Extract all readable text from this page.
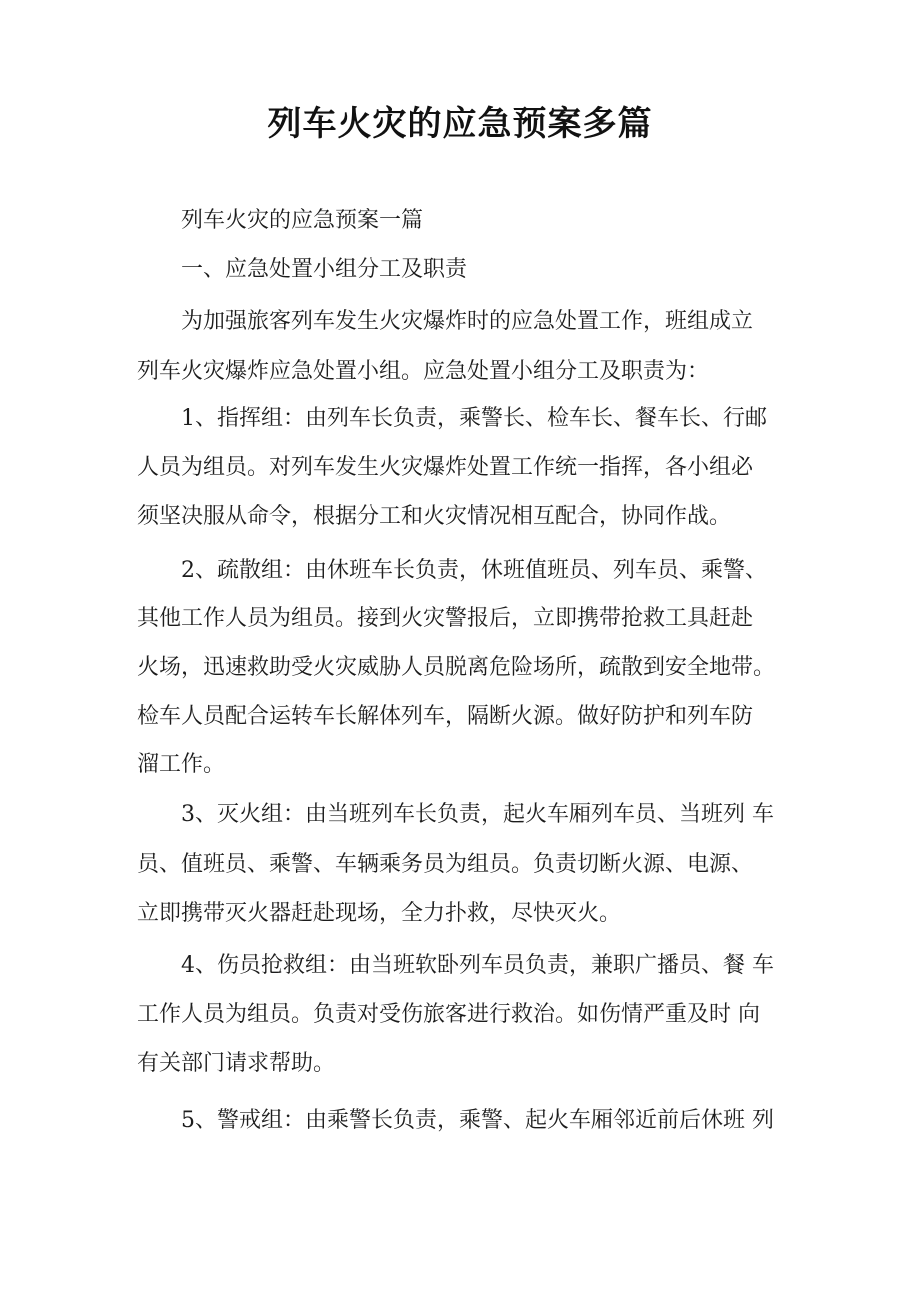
列车火灾的应急预案多篇
列车火灾的应急预案一篇
一、应急处置小组分工及职责
为加强旅客列车发生火灾爆炸时的应急处置工作，班组成立
列车火灾爆炸应急处置小组。应急处置小组分工及职责为：
1、指挥组：由列车长负责，乘警长、检车长、餐车长、行邮
人员为组员。对列车发生火灾爆炸处置工作统一指挥，各小组必
须坚决服从命令，根据分工和火灾情况相互配合，协同作战。
2、疏散组：由休班车长负责，休班值班员、列车员、乘警、
其他工作人员为组员。接到火灾警报后，立即携带抢救工具赶赴
火场，迅速救助受火灾威胁人员脱离危险场所，疏散到安全地带。
检车人员配合运转车长解体列车，隔断火源。做好防护和列车防
溜工作。
3、灭火组：由当班列车长负责，起火车厢列车员、当班列 车
员、值班员、乘警、车辆乘务员为组员。负责切断火源、电源、
立即携带灭火器赶赴现场，全力扑救，尽快灭火。
4、伤员抢救组：由当班软卧列车员负责，兼职广播员、餐 车
工作人员为组员。负责对受伤旅客进行救治。如伤情严重及时 向
有关部门请求帮助。
5、警戒组：由乘警长负责，乘警、起火车厢邻近前后休班 列
